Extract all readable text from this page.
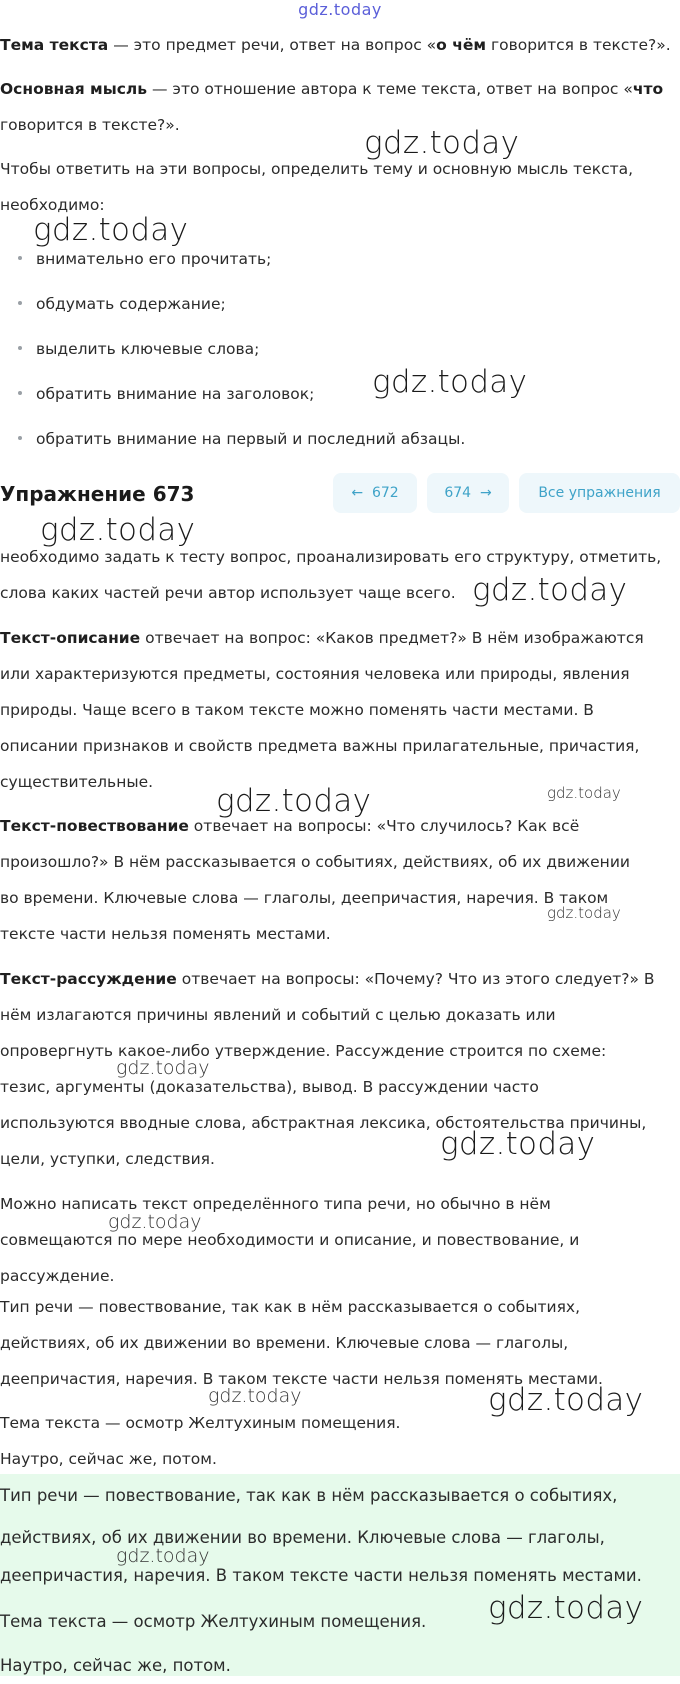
gdz.today
Тема текста — это предмет речи, ответ на вопрос «о чём говорится в тексте?».
Основная мысль — это отношение автора к теме текста, ответ на вопрос «что
говорится в тексте?».
Чтобы ответить на эти вопросы, определить тему и основную мысль текста,
необходимо:
внимательно его прочитать;
обдумать содержание;
выделить ключевые слова;
обратить внимание на заголовок;
обратить внимание на первый и последний абзацы.
Упражнение 673	← 672	674 →	Все упражнения
необходимо задать к тесту вопрос, проанализировать его структуру, отметить,
слова каких частей речи автор использует чаще всего.
Текст-описание отвечает на вопрос: «Каков предмет?» В нём изображаются
или характеризуются предметы, состояния человека или природы, явления
природы. Чаще всего в таком тексте можно поменять части местами. В
описании признаков и свойств предмета важны прилагательные, причастия,
существительные.
Текст-повествование отвечает на вопросы: «Что случилось? Как всё
произошло?» В нём рассказывается о событиях, действиях, об их движении
во времени. Ключевые слова — глаголы, деепричастия, наречия. В таком
тексте части нельзя поменять местами.
Текст-рассуждение отвечает на вопросы: «Почему? Что из этого следует?» В
нём излагаются причины явлений и событий с целью доказать или
опровергнуть какое-либо утверждение. Рассуждение строится по схеме:
тезис, аргументы (доказательства), вывод. В рассуждении часто
используются вводные слова, абстрактная лексика, обстоятельства причины,
цели, уступки, следствия.
Можно написать текст определённого типа речи, но обычно в нём
совмещаются по мере необходимости и описание, и повествование, и
рассуждение.
Тип речи — повествование, так как в нём рассказывается о событиях,
действиях, об их движении во времени. Ключевые слова — глаголы,
деепричастия, наречия. В таком тексте части нельзя поменять местами.
Тема текста — осмотр Желтухиным помещения.
Наутро, сейчас же, потом.
Тип речи — повествование, так как в нём рассказывается о событиях,
действиях, об их движении во времени. Ключевые слова — глаголы,
деепричастия, наречия. В таком тексте части нельзя поменять местами.
Тема текста — осмотр Желтухиным помещения.
Наутро, сейчас же, потом.
gdz.today
gdz.today
gdz.today
gdz.today
gdz.today
gdz.today	gdz.today
gdz.today
gdz.today
gdz.today
gdz.today
gdz.today	gdz.today
gdz.today
gdz.today
